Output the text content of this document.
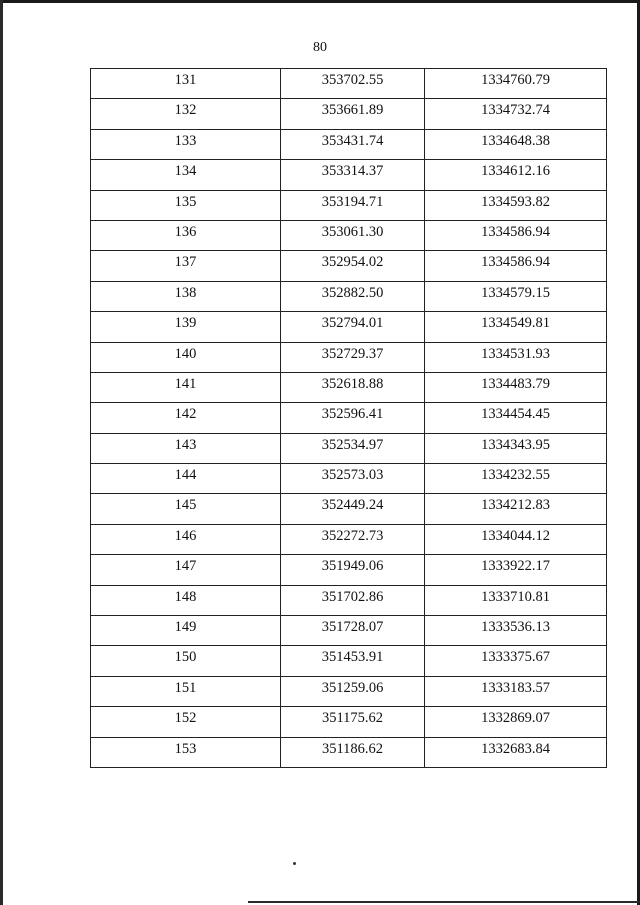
80
131	353702.55	1334760.79
132	353661.89	1334732.74
133	353431.74	1334648.38
134	353314.37	1334612.16
135	353194.71	1334593.82
136	353061.30	1334586.94
137	352954.02	1334586.94
138	352882.50	1334579.15
139	352794.01	1334549.81
140	352729.37	1334531.93
141	352618.88	1334483.79
142	352596.41	1334454.45
143	352534.97	1334343.95
144	352573.03	1334232.55
145	352449.24	1334212.83
146	352272.73	1334044.12
147	351949.06	1333922.17
148	351702.86	1333710.81
149	351728.07	1333536.13
150	351453.91	1333375.67
151	351259.06	1333183.57
152	351175.62	1332869.07
153	351186.62	1332683.84
